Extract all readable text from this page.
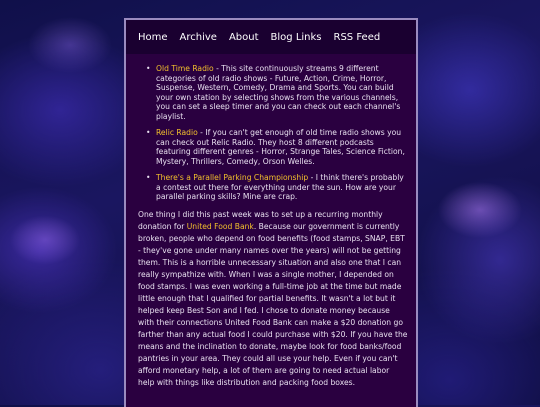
Home Archive About Blog Links RSS Feed
• Old Time Radio - This site continuously streams 9 different categories of old radio shows - Future, Action, Crime, Horror, Suspense, Western, Comedy, Drama and Sports. You can build your own station by selecting shows from the various channels, you can set a sleep timer and you can check out each channel's playlist.
• Relic Radio - If you can't get enough of old time radio shows you can check out Relic Radio. They host 8 different podcasts featuring different genres - Horror, Strange Tales, Science Fiction, Mystery, Thrillers, Comedy, Orson Welles.
• There's a Parallel Parking Championship - I think there's probably a contest out there for everything under the sun. How are your parallel parking skills? Mine are crap.

One thing I did this past week was to set up a recurring monthly donation for United Food Bank. Because our government is currently broken, people who depend on food benefits (food stamps, SNAP, EBT - they've gone under many names over the years) will not be getting them. This is a horrible unnecessary situation and also one that I can really sympathize with. When I was a single mother, I depended on food stamps. I was even working a full-time job at the time but made little enough that I qualified for partial benefits. It wasn't a lot but it helped keep Best Son and I fed. I chose to donate money because with their connections United Food Bank can make a $20 donation go farther than any actual food I could purchase with $20. If you have the means and the inclination to donate, maybe look for food banks/food pantries in your area. They could all use your help. Even if you can't afford monetary help, a lot of them are going to need actual labor help with things like distribution and packing food boxes.
